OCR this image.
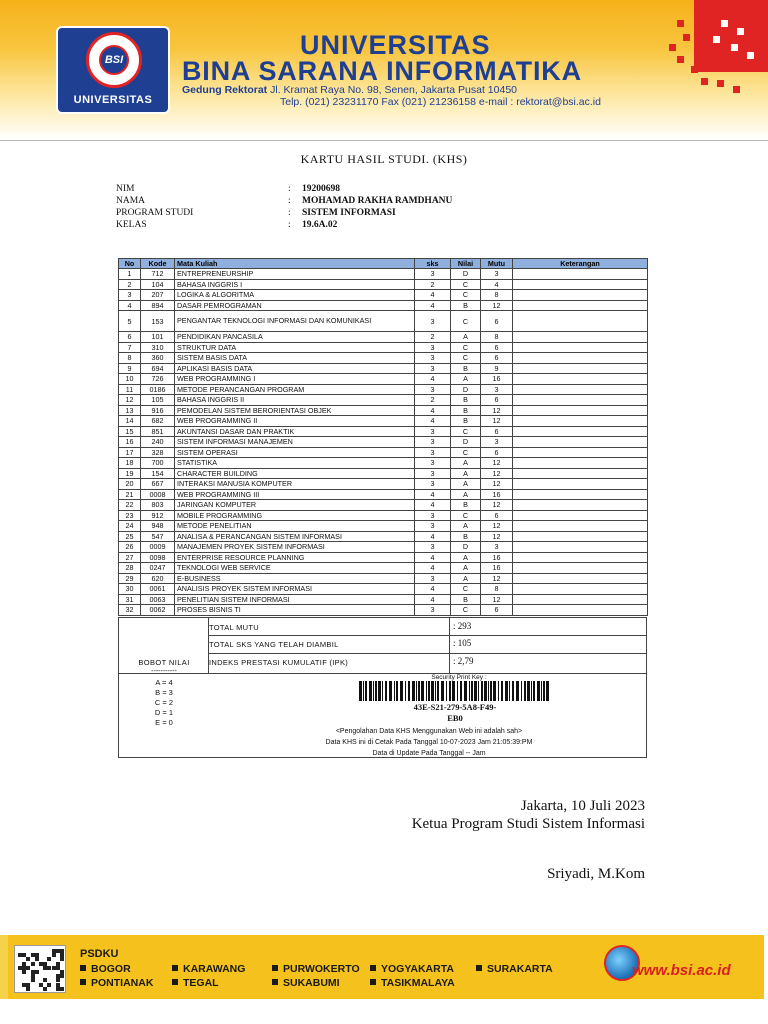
BSI
UNIVERSITAS
UNIVERSITAS
BINA SARANA INFORMATIKA
Gedung Rektorat Jl. Kramat Raya No. 98, Senen, Jakarta Pusat 10450
Telp. (021) 23231170 Fax (021) 21236158 e-mail : rektorat@bsi.ac.id
KARTU HASIL STUDI. (KHS)
NIM	: 19200698
NAMA	: MOHAMAD RAKHA RAMDHANU
PROGRAM STUDI	: SISTEM INFORMASI
KELAS	: 19.6A.02
No	Kode	Mata Kuliah	sks	Nilai	Mutu	Keterangan
1	712	ENTREPRENEURSHIP	3	D	3	
2	104	BAHASA INGGRIS I	2	C	4	
3	207	LOGIKA & ALGORITMA	4	C	8	
4	894	DASAR PEMROGRAMAN	4	B	12	
5	153	PENGANTAR TEKNOLOGI INFORMASI DAN KOMUNIKASI	3	C	6	
6	101	PENDIDIKAN PANCASILA	2	A	8	
7	310	STRUKTUR DATA	3	C	6	
8	360	SISTEM BASIS DATA	3	C	6	
9	694	APLIKASI BASIS DATA	3	B	9	
10	726	WEB PROGRAMMING I	4	A	16	
11	0186	METODE PERANCANGAN PROGRAM	3	D	3	
12	105	BAHASA INGGRIS II	2	B	6	
13	916	PEMODELAN SISTEM BERORIENTASI OBJEK	4	B	12	
14	682	WEB PROGRAMMING II	4	B	12	
15	851	AKUNTANSI DASAR DAN PRAKTIK	3	C	6	
16	240	SISTEM INFORMASI MANAJEMEN	3	D	3	
17	328	SISTEM OPERASI	3	C	6	
18	700	STATISTIKA	3	A	12	
19	154	CHARACTER BUILDING	3	A	12	
20	667	INTERAKSI MANUSIA KOMPUTER	3	A	12	
21	0008	WEB PROGRAMMING III	4	A	16	
22	803	JARINGAN KOMPUTER	4	B	12	
23	912	MOBILE PROGRAMMING	3	C	6	
24	948	METODE PENELITIAN	3	A	12	
25	547	ANALISA & PERANCANGAN SISTEM INFORMASI	4	B	12	
26	0009	MANAJEMEN PROYEK SISTEM INFORMASI	3	D	3	
27	0098	ENTERPRISE RESOURCE PLANNING	4	A	16	
28	0247	TEKNOLOGI WEB SERVICE	4	A	16	
29	620	E-BUSINESS	3	A	12	
30	0061	ANALISIS PROYEK SISTEM INFORMASI	4	C	8	
31	0063	PENELITIAN SISTEM INFORMASI	4	B	12	
32	0062	PROSES BISNIS TI	3	C	6	
TOTAL MUTU	: 293
TOTAL SKS YANG TELAH DIAMBIL	: 105
INDEKS PRESTASI KUMULATIF (IPK)	: 2,79
BOBOT NILAI
-----------
A = 4
B = 3
C = 2
D = 1
E = 0
Security Print Key :
43E-S21-279-5A8-F49-
EB0
<Pengolahan Data KHS Menggunakan Web ini adalah sah>
Data KHS ini di Cetak Pada Tanggal 10-07-2023 Jam 21:05:39:PM
Data di Update Pada Tanggal -- Jam
Jakarta, 10 Juli 2023
Ketua Program Studi Sistem Informasi
Sriyadi, M.Kom
PSDKU
BOGOR	KARAWANG	PURWOKERTO	YOGYAKARTA	SURAKARTA
PONTIANAK	TEGAL	SUKABUMI	TASIKMALAYA
www.bsi.ac.id
